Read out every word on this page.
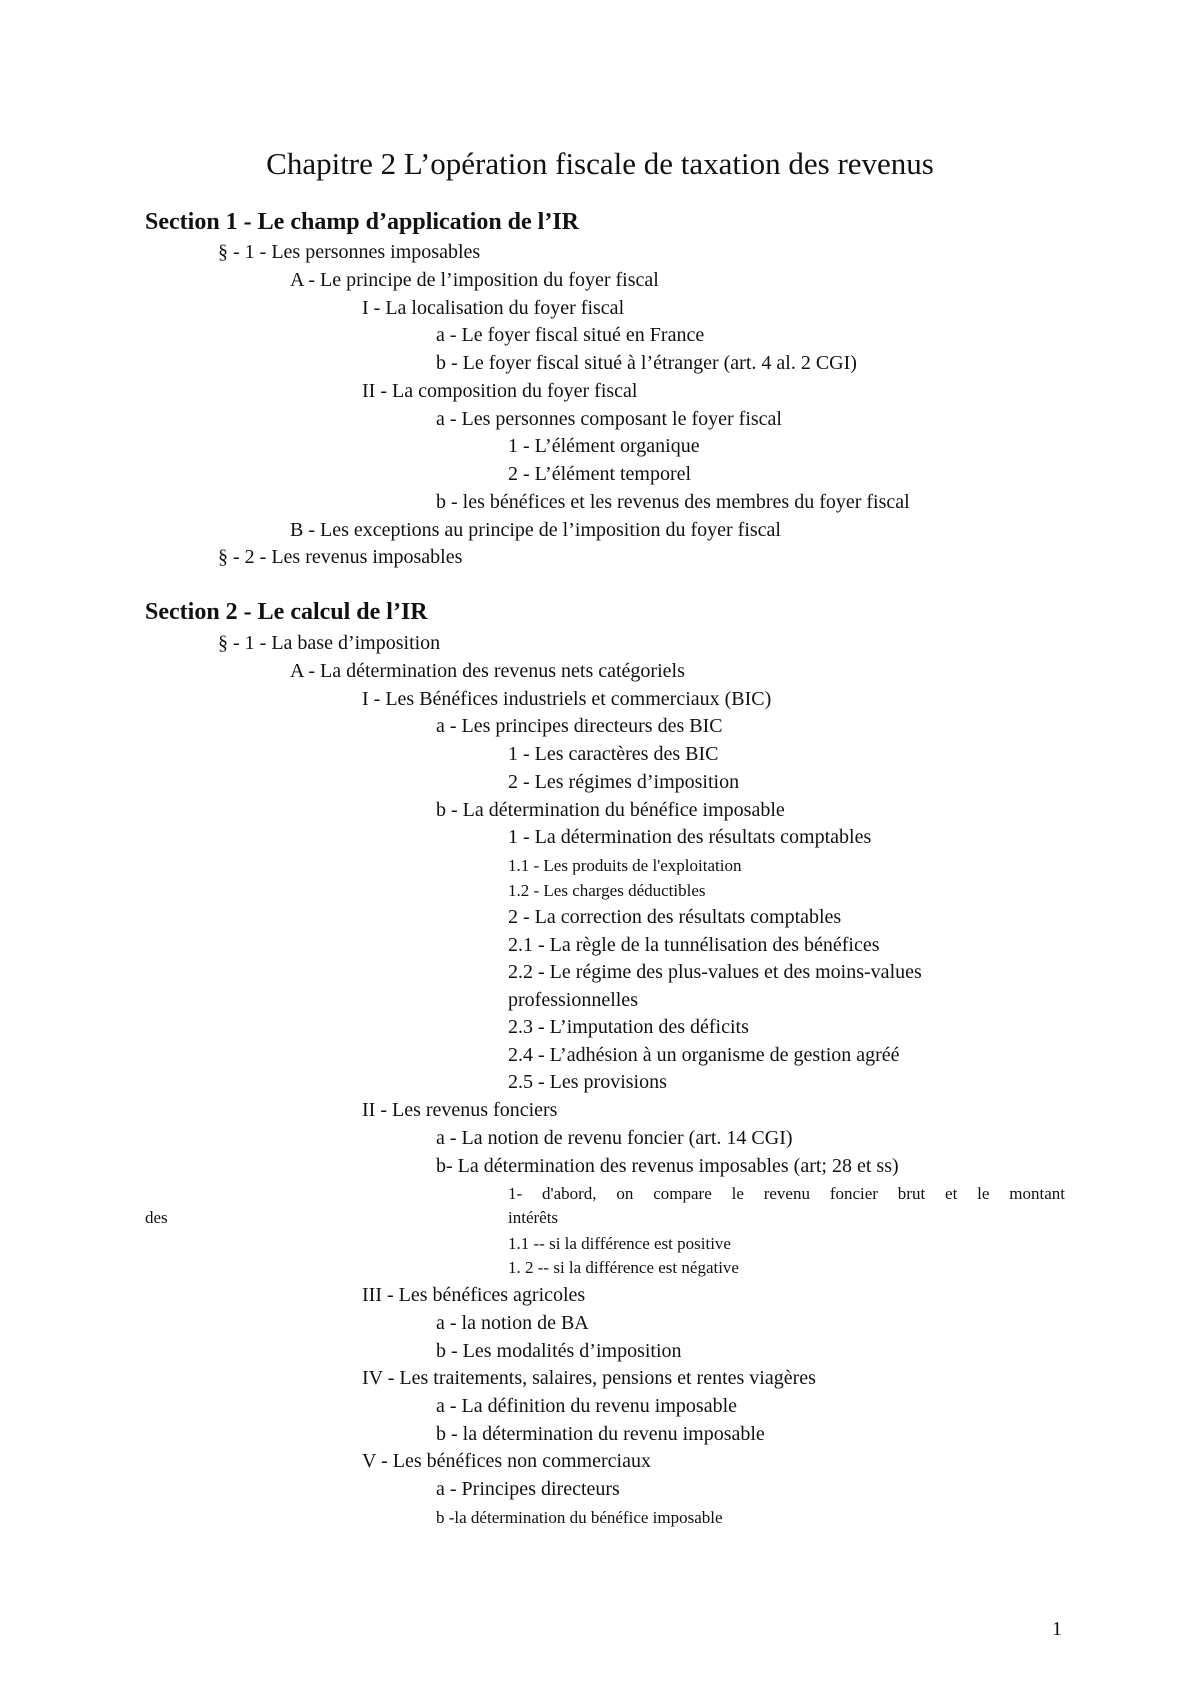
Chapitre 2 L’opération fiscale de taxation des revenus
Section 1 - Le champ d’application de l’IR
§ - 1 - Les personnes imposables
A - Le principe de l’imposition du foyer fiscal
I - La localisation du foyer fiscal
a - Le foyer fiscal situé en France
b - Le foyer fiscal situé à l’étranger (art. 4 al. 2 CGI)
II - La composition du foyer fiscal
a - Les personnes composant le foyer fiscal
1 - L’élément organique
2 - L’élément temporel
b - les bénéfices et les revenus des membres du foyer fiscal
B - Les exceptions au principe de l’imposition du foyer fiscal
§ - 2 - Les revenus imposables
Section 2 - Le calcul de l’IR
§ - 1 - La base d’imposition
A - La détermination des revenus nets catégoriels
I - Les Bénéfices industriels et commerciaux (BIC)
a - Les principes directeurs des BIC
1 - Les caractères des BIC
2 - Les régimes d’imposition
b - La détermination du bénéfice imposable
1 - La détermination des résultats comptables
1.1 - Les produits de l'exploitation
1.2 - Les charges déductibles
2 - La correction des résultats comptables
2.1 - La règle de la tunnélisation des bénéfices
2.2 - Le régime des plus-values et des moins-values
professionnelles
2.3 - L’imputation des déficits
2.4 - L’adhésion à un organisme de gestion agréé
2.5 - Les provisions
II - Les revenus fonciers
a - La notion de revenu foncier (art. 14 CGI)
b- La détermination des revenus imposables (art; 28 et ss)
1- d'abord, on compare le revenu foncier brut et le montant
des	intérêts
1.1 -- si la différence est positive
1. 2 -- si la différence est négative
III - Les bénéfices agricoles
a - la notion de BA
b - Les modalités d’imposition
IV - Les traitements, salaires, pensions et rentes viagères
a - La définition du revenu imposable
b - la détermination du revenu imposable
V - Les bénéfices non commerciaux
a - Principes directeurs
b -la détermination du bénéfice imposable
1
